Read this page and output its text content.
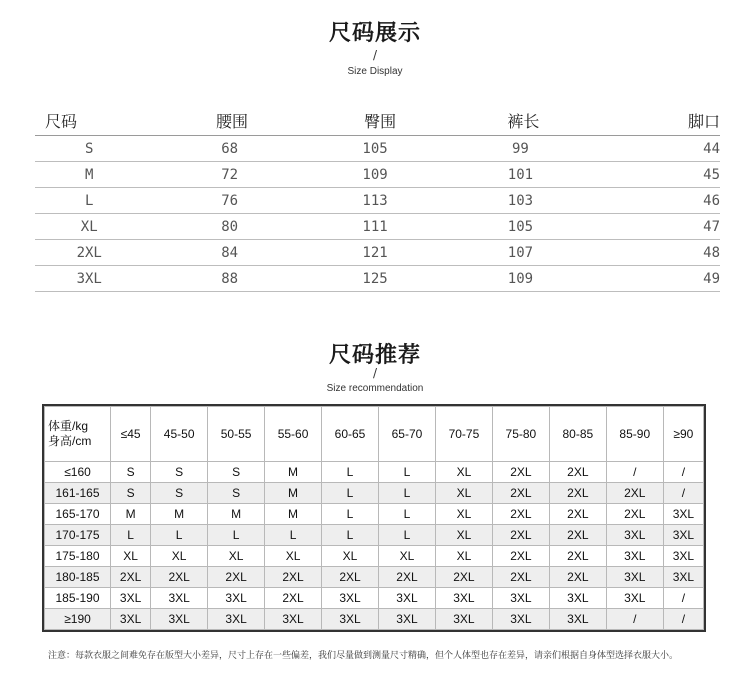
尺码展示
/
Size Display
尺码	腰围	臀围	裤长	脚口
S	68	105	99	44
M	72	109	101	45
L	76	113	103	46
XL	80	111	105	47
2XL	84	121	107	48
3XL	88	125	109	49
尺码推荐
/
Size recommendation
体重/kg
身高/cm	≤45	45-50	50-55	55-60	60-65	65-70	70-75	75-80	80-85	85-90	≥90
≤160	S	S	S	M	L	L	XL	2XL	2XL	/	/
161-165	S	S	S	M	L	L	XL	2XL	2XL	2XL	/
165-170	M	M	M	M	L	L	XL	2XL	2XL	2XL	3XL
170-175	L	L	L	L	L	L	XL	2XL	2XL	3XL	3XL
175-180	XL	XL	XL	XL	XL	XL	XL	2XL	2XL	3XL	3XL
180-185	2XL	2XL	2XL	2XL	2XL	2XL	2XL	2XL	2XL	3XL	3XL
185-190	3XL	3XL	3XL	2XL	3XL	3XL	3XL	3XL	3XL	3XL	/
≥190	3XL	3XL	3XL	3XL	3XL	3XL	3XL	3XL	3XL	/	/
注意：每款衣服之间难免存在版型大小差异，尺寸上存在一些偏差，我们尽量做到测量尺寸精确，但个人体型也存在差异，请亲们根据自身体型选择衣服大小。
